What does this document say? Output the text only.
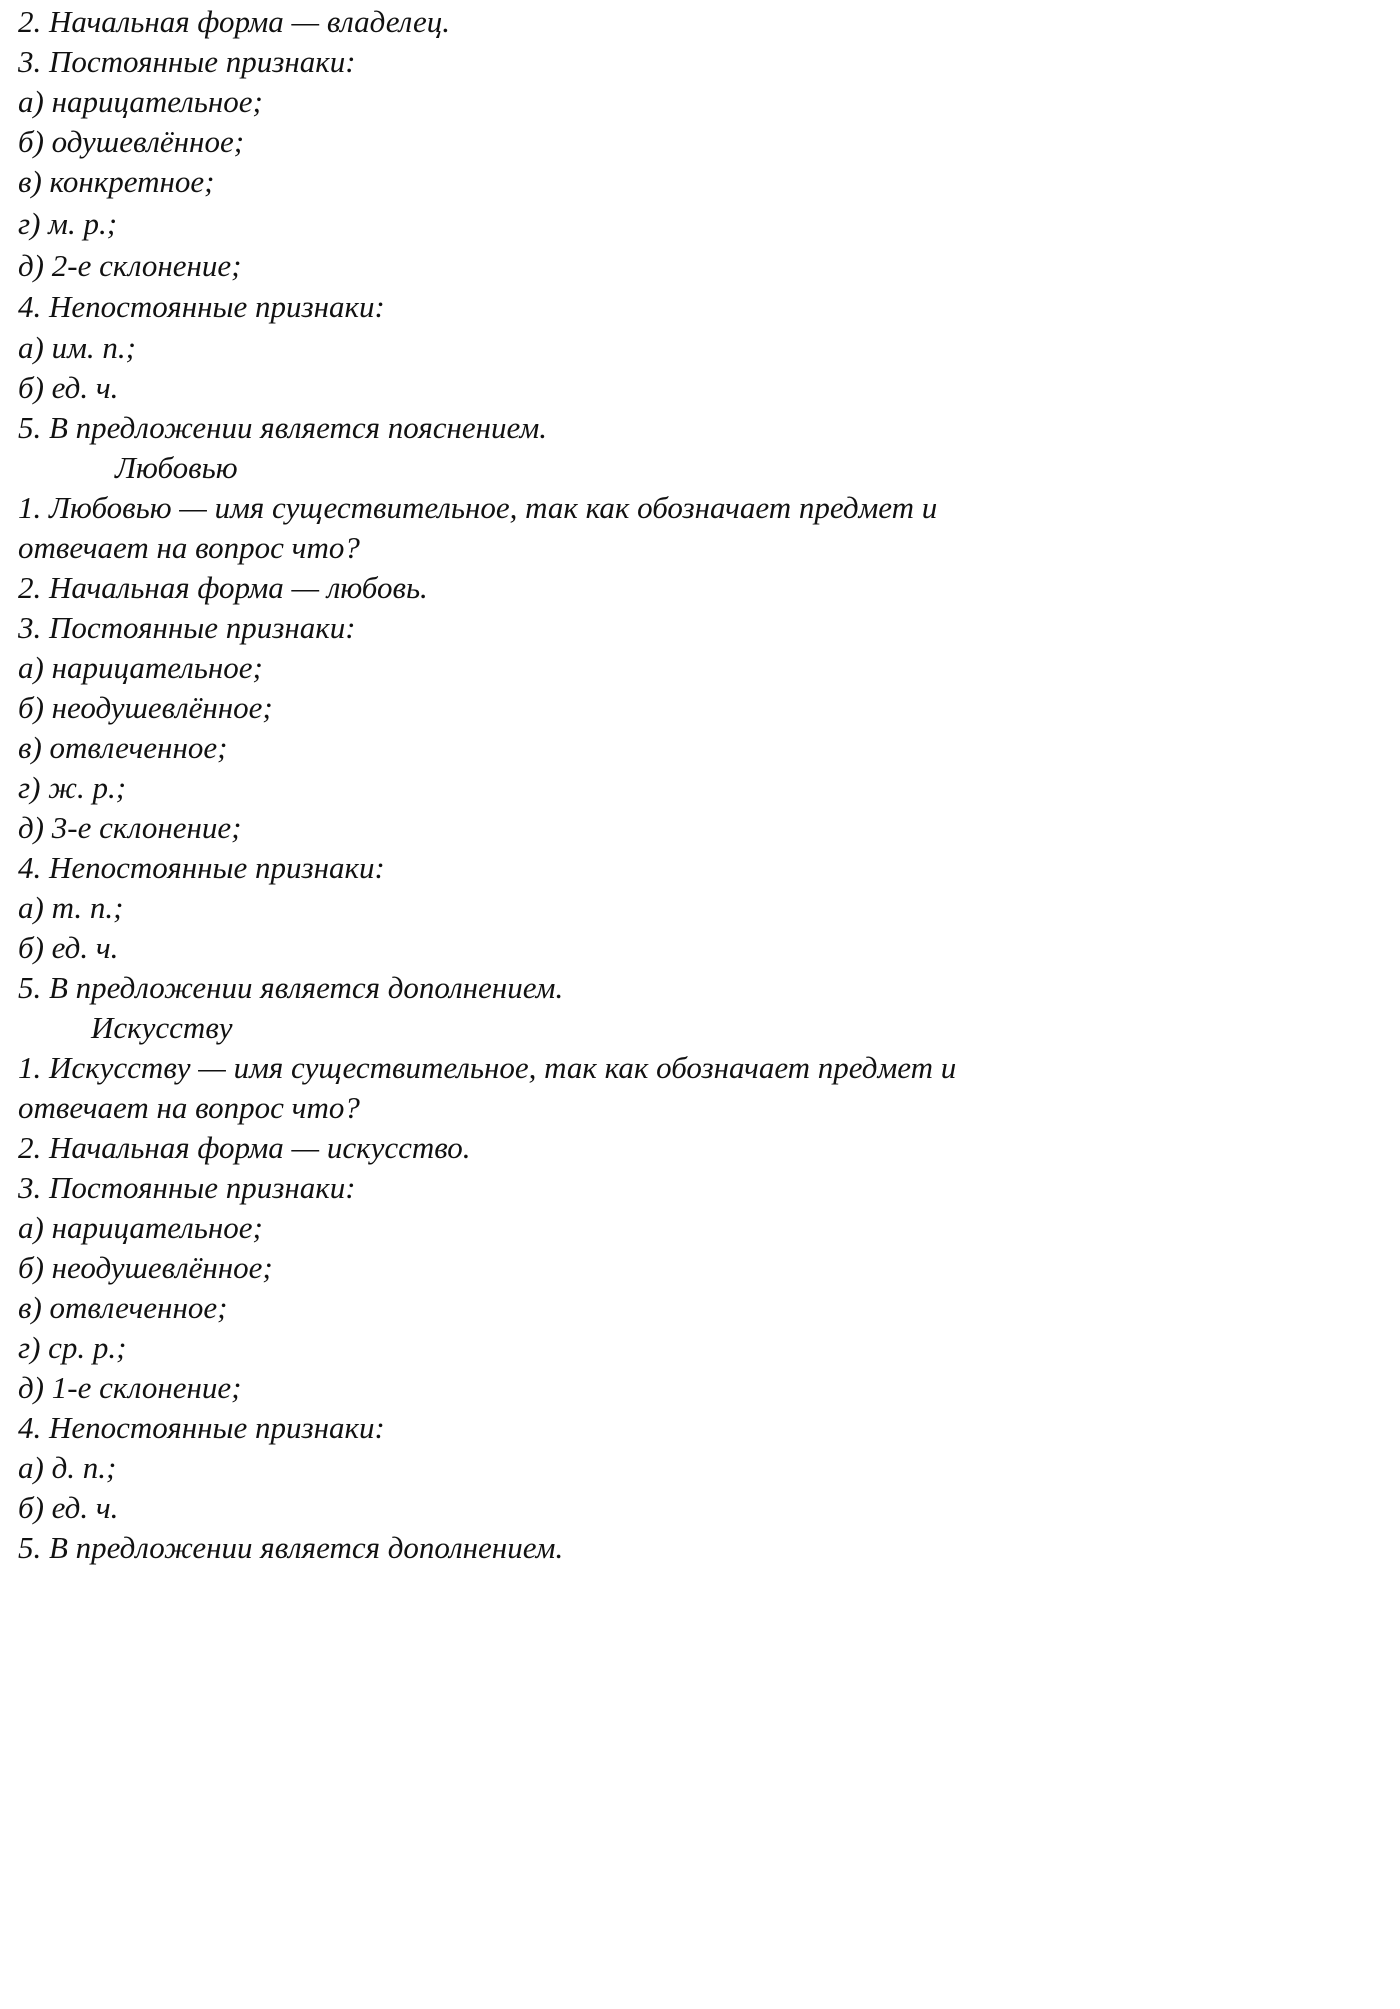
2. Начальная форма — владелец.
3. Постоянные признаки:
а) нарицательное;
б) одушевлённое;
в) конкретное;
г) м. р.;
д) 2-е склонение;
4. Непостоянные признаки:
а) им. п.;
б) ед. ч.
5. В предложении является пояснением.
Любовью
1. Любовью — имя существительное, так как обозначает предмет и
отвечает на вопрос что?
2. Начальная форма — любовь.
3. Постоянные признаки:
а) нарицательное;
б) неодушевлённое;
в) отвлеченное;
г) ж. р.;
д) 3-е склонение;
4. Непостоянные признаки:
а) т. п.;
б) ед. ч.
5. В предложении является дополнением.
Искусству
1. Искусству — имя существительное, так как обозначает предмет и
отвечает на вопрос что?
2. Начальная форма — искусство.
3. Постоянные признаки:
а) нарицательное;
б) неодушевлённое;
в) отвлеченное;
г) ср. р.;
д) 1-е склонение;
4. Непостоянные признаки:
а) д. п.;
б) ед. ч.
5. В предложении является дополнением.
